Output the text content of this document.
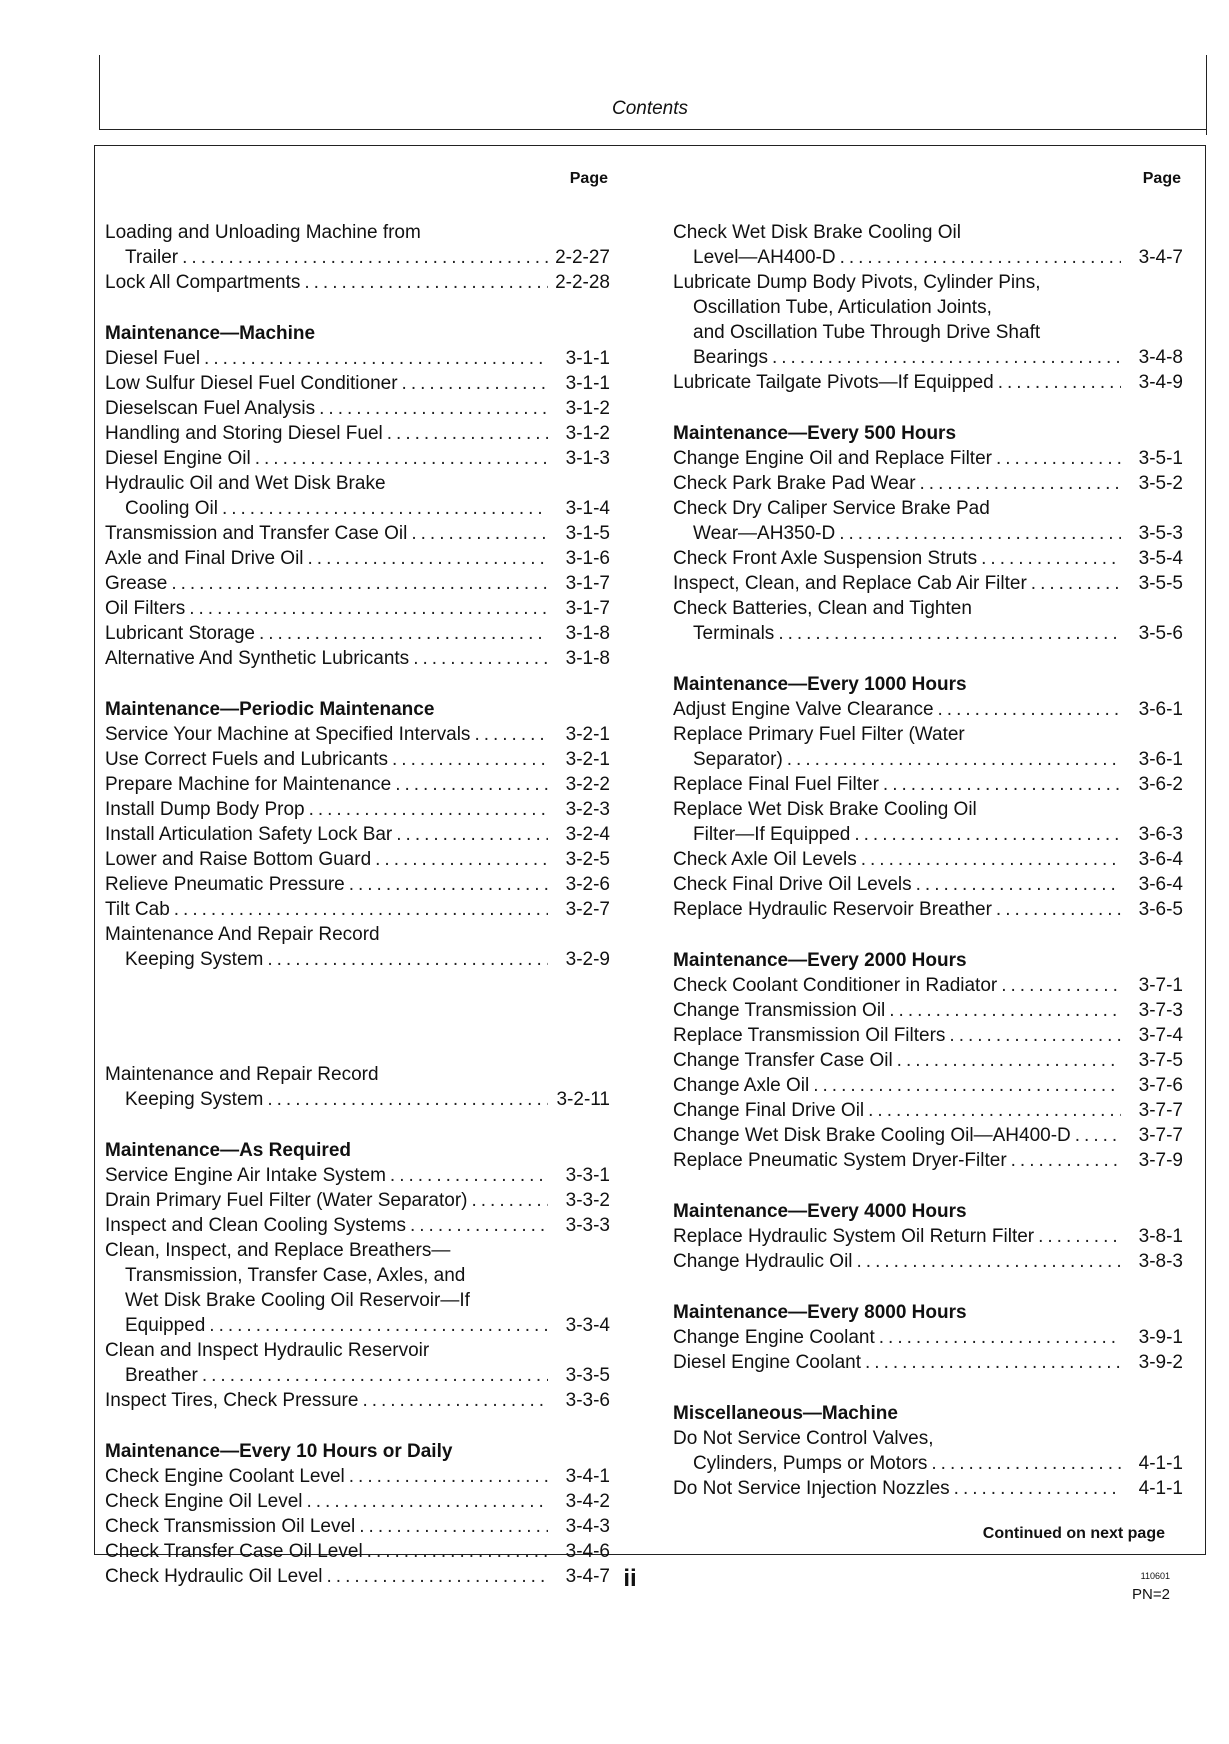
Contents
Page
Loading and Unloading Machine from
Trailer .....	2-2-27
Lock All Compartments .....	2-2-28
Maintenance—Machine
Diesel Fuel .....	3-1-1
Low Sulfur Diesel Fuel Conditioner .....	3-1-1
Dieselscan Fuel Analysis .....	3-1-2
Handling and Storing Diesel Fuel .....	3-1-2
Diesel Engine Oil .....	3-1-3
Hydraulic Oil and Wet Disk Brake
Cooling Oil .....	3-1-4
Transmission and Transfer Case Oil .....	3-1-5
Axle and Final Drive Oil .....	3-1-6
Grease .....	3-1-7
Oil Filters .....	3-1-7
Lubricant Storage .....	3-1-8
Alternative And Synthetic Lubricants .....	3-1-8
Maintenance—Periodic Maintenance
Service Your Machine at Specified Intervals .....	3-2-1
Use Correct Fuels and Lubricants .....	3-2-1
Prepare Machine for Maintenance .....	3-2-2
Install Dump Body Prop .....	3-2-3
Install Articulation Safety Lock Bar .....	3-2-4
Lower and Raise Bottom Guard .....	3-2-5
Relieve Pneumatic Pressure .....	3-2-6
Tilt Cab .....	3-2-7
Maintenance And Repair Record
Keeping System .....	3-2-9
Maintenance and Repair Record
Keeping System .....	3-2-11
Maintenance—As Required
Service Engine Air Intake System .....	3-3-1
Drain Primary Fuel Filter (Water Separator) .....	3-3-2
Inspect and Clean Cooling Systems .....	3-3-3
Clean, Inspect, and Replace Breathers—
Transmission, Transfer Case, Axles, and
Wet Disk Brake Cooling Oil Reservoir—If
Equipped .....	3-3-4
Clean and Inspect Hydraulic Reservoir
Breather .....	3-3-5
Inspect Tires, Check Pressure .....	3-3-6
Maintenance—Every 10 Hours or Daily
Check Engine Coolant Level .....	3-4-1
Check Engine Oil Level .....	3-4-2
Check Transmission Oil Level .....	3-4-3
Check Transfer Case Oil Level .....	3-4-6
Check Hydraulic Oil Level .....	3-4-7
Page
Check Wet Disk Brake Cooling Oil
Level—AH400-D .....	3-4-7
Lubricate Dump Body Pivots, Cylinder Pins,
Oscillation Tube, Articulation Joints,
and Oscillation Tube Through Drive Shaft
Bearings .....	3-4-8
Lubricate Tailgate Pivots—If Equipped .....	3-4-9
Maintenance—Every 500 Hours
Change Engine Oil and Replace Filter .....	3-5-1
Check Park Brake Pad Wear .....	3-5-2
Check Dry Caliper Service Brake Pad
Wear—AH350-D .....	3-5-3
Check Front Axle Suspension Struts .....	3-5-4
Inspect, Clean, and Replace Cab Air Filter .....	3-5-5
Check Batteries, Clean and Tighten
Terminals .....	3-5-6
Maintenance—Every 1000 Hours
Adjust Engine Valve Clearance .....	3-6-1
Replace Primary Fuel Filter (Water
Separator) .....	3-6-1
Replace Final Fuel Filter .....	3-6-2
Replace Wet Disk Brake Cooling Oil
Filter—If Equipped .....	3-6-3
Check Axle Oil Levels .....	3-6-4
Check Final Drive Oil Levels .....	3-6-4
Replace Hydraulic Reservoir Breather .....	3-6-5
Maintenance—Every 2000 Hours
Check Coolant Conditioner in Radiator .....	3-7-1
Change Transmission Oil .....	3-7-3
Replace Transmission Oil Filters .....	3-7-4
Change Transfer Case Oil .....	3-7-5
Change Axle Oil .....	3-7-6
Change Final Drive Oil .....	3-7-7
Change Wet Disk Brake Cooling Oil—AH400-D .....	3-7-7
Replace Pneumatic System Dryer-Filter .....	3-7-9
Maintenance—Every 4000 Hours
Replace Hydraulic System Oil Return Filter .....	3-8-1
Change Hydraulic Oil .....	3-8-3
Maintenance—Every 8000 Hours
Change Engine Coolant .....	3-9-1
Diesel Engine Coolant .....	3-9-2
Miscellaneous—Machine
Do Not Service Control Valves,
Cylinders, Pumps or Motors .....	4-1-1
Do Not Service Injection Nozzles .....	4-1-1
Continued on next page
ii	110601
PN=2
